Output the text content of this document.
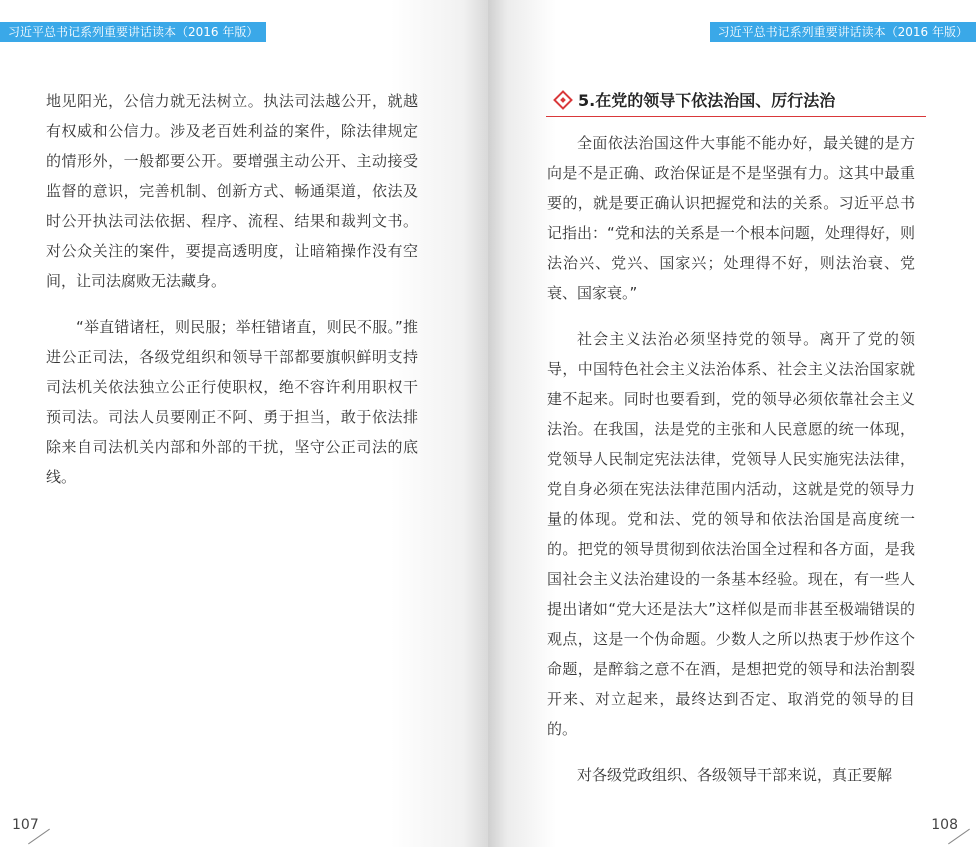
习近平总书记系列重要讲话读本（2016 年版）

地见阳光，公信力就无法树立。执法司法越公开，就越有权威和公信力。涉及老百姓利益的案件，除法律规定的情形外，一般都要公开。要增强主动公开、主动接受监督的意识，完善机制、创新方式、畅通渠道，依法及时公开执法司法依据、程序、流程、结果和裁判文书。对公众关注的案件，要提高透明度，让暗箱操作没有空间，让司法腐败无法藏身。

“举直错诸枉，则民服；举枉错诸直，则民不服。”推进公正司法，各级党组织和领导干部都要旗帜鲜明支持司法机关依法独立公正行使职权，绝不容许利用职权干预司法。司法人员要刚正不阿、勇于担当，敢于依法排除来自司法机关内部和外部的干扰，坚守公正司法的底线。

107
习近平总书记系列重要讲话读本（2016 年版）
5.在党的领导下依法治国、厉行法治

全面依法治国这件大事能不能办好，最关键的是方向是不是正确、政治保证是不是坚强有力。这其中最重要的，就是要正确认识把握党和法的关系。习近平总书记指出：“党和法的关系是一个根本问题，处理得好，则法治兴、党兴、国家兴；处理得不好，则法治衰、党衰、国家衰。”

社会主义法治必须坚持党的领导。离开了党的领导，中国特色社会主义法治体系、社会主义法治国家就建不起来。同时也要看到，党的领导必须依靠社会主义法治。在我国，法是党的主张和人民意愿的统一体现，党领导人民制定宪法法律，党领导人民实施宪法法律，党自身必须在宪法法律范围内活动，这就是党的领导力量的体现。党和法、党的领导和依法治国是高度统一的。把党的领导贯彻到依法治国全过程和各方面，是我国社会主义法治建设的一条基本经验。现在，有一些人提出诸如“党大还是法大”这样似是而非甚至极端错误的观点，这是一个伪命题。少数人之所以热衷于炒作这个命题，是醉翁之意不在酒，是想把党的领导和法治割裂开来、对立起来，最终达到否定、取消党的领导的目的。

对各级党政组织、各级领导干部来说，真正要解

108
